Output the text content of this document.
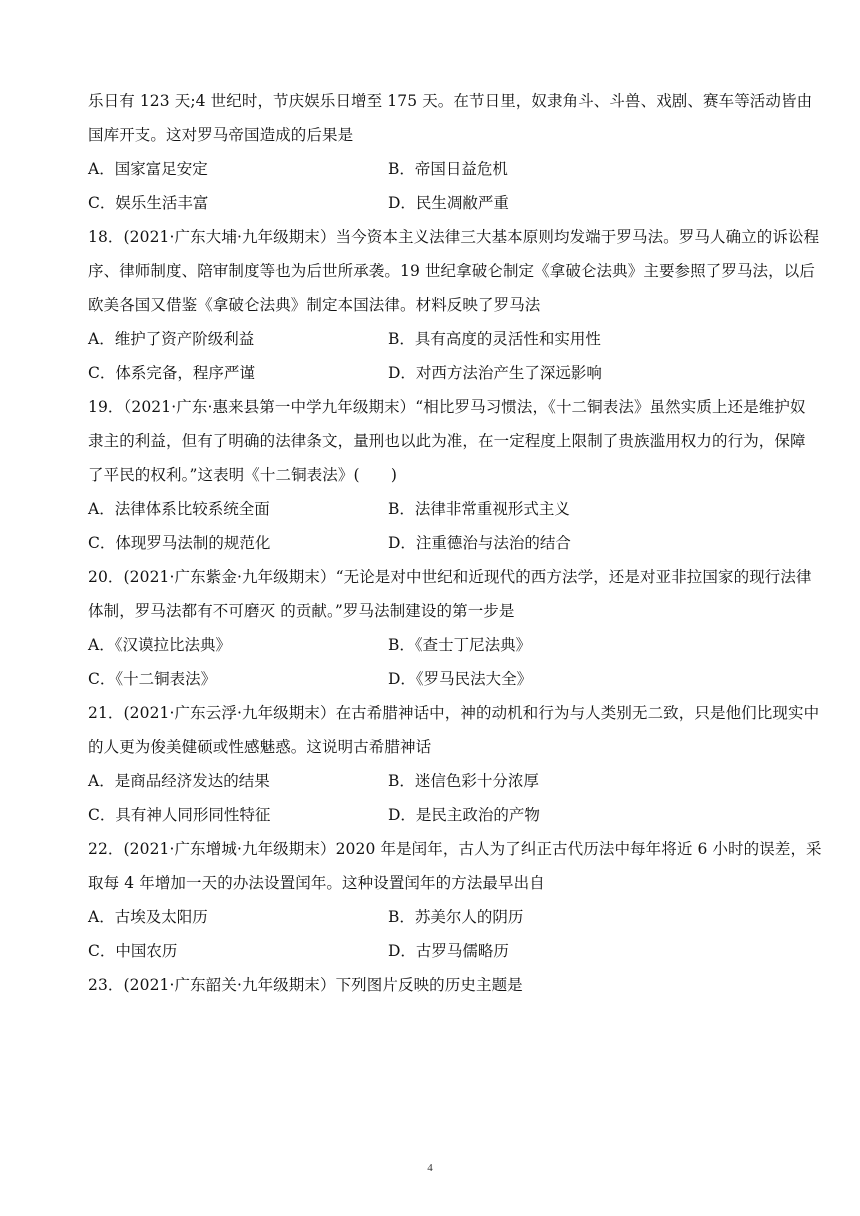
乐日有 123 天;4 世纪时，节庆娱乐日增至 175 天。在节日里，奴隶角斗、斗兽、戏剧、赛车等活动皆由
国库开支。这对罗马帝国造成的后果是
A．国家富足安定	B．帝国日益危机
C．娱乐生活丰富	D．民生凋敝严重
18．(2021·广东大埔·九年级期末）当今资本主义法律三大基本原则均发端于罗马法。罗马人确立的诉讼程
序、律师制度、陪审制度等也为后世所承袭。19 世纪拿破仑制定《拿破仑法典》主要参照了罗马法，以后
欧美各国又借鉴《拿破仑法典》制定本国法律。材料反映了罗马法
A．维护了资产阶级利益	B．具有高度的灵活性和实用性
C．体系完备，程序严谨	D．对西方法治产生了深远影响
19．（2021·广东·惠来县第一中学九年级期末）“相比罗马习惯法，《十二铜表法》虽然实质上还是维护奴
隶主的利益，但有了明确的法律条文，量刑也以此为准，在一定程度上限制了贵族滥用权力的行为，保障
了平民的权利。”这表明《十二铜表法》(　　)
A．法律体系比较系统全面	B．法律非常重视形式主义
C．体现罗马法制的规范化	D．注重德治与法治的结合
20．(2021·广东紫金·九年级期末）“无论是对中世纪和近现代的西方法学，还是对亚非拉国家的现行法律
体制，罗马法都有不可磨灭 的贡献。”罗马法制建设的第一步是
A．《汉谟拉比法典》	B．《查士丁尼法典》
C．《十二铜表法》	D．《罗马民法大全》
21．(2021·广东云浮·九年级期末）在古希腊神话中，神的动机和行为与人类别无二致，只是他们比现实中
的人更为俊美健硕或性感魅惑。这说明古希腊神话
A．是商品经济发达的结果	B．迷信色彩十分浓厚
C．具有神人同形同性特征	D．是民主政治的产物
22．(2021·广东增城·九年级期末）2020 年是闰年，古人为了纠正古代历法中每年将近 6 小时的误差，采
取每 4 年增加一天的办法设置闰年。这种设置闰年的方法最早出自
A．古埃及太阳历	B．苏美尔人的阴历
C．中国农历	D．古罗马儒略历
23．(2021·广东韶关·九年级期末）下列图片反映的历史主题是
4
